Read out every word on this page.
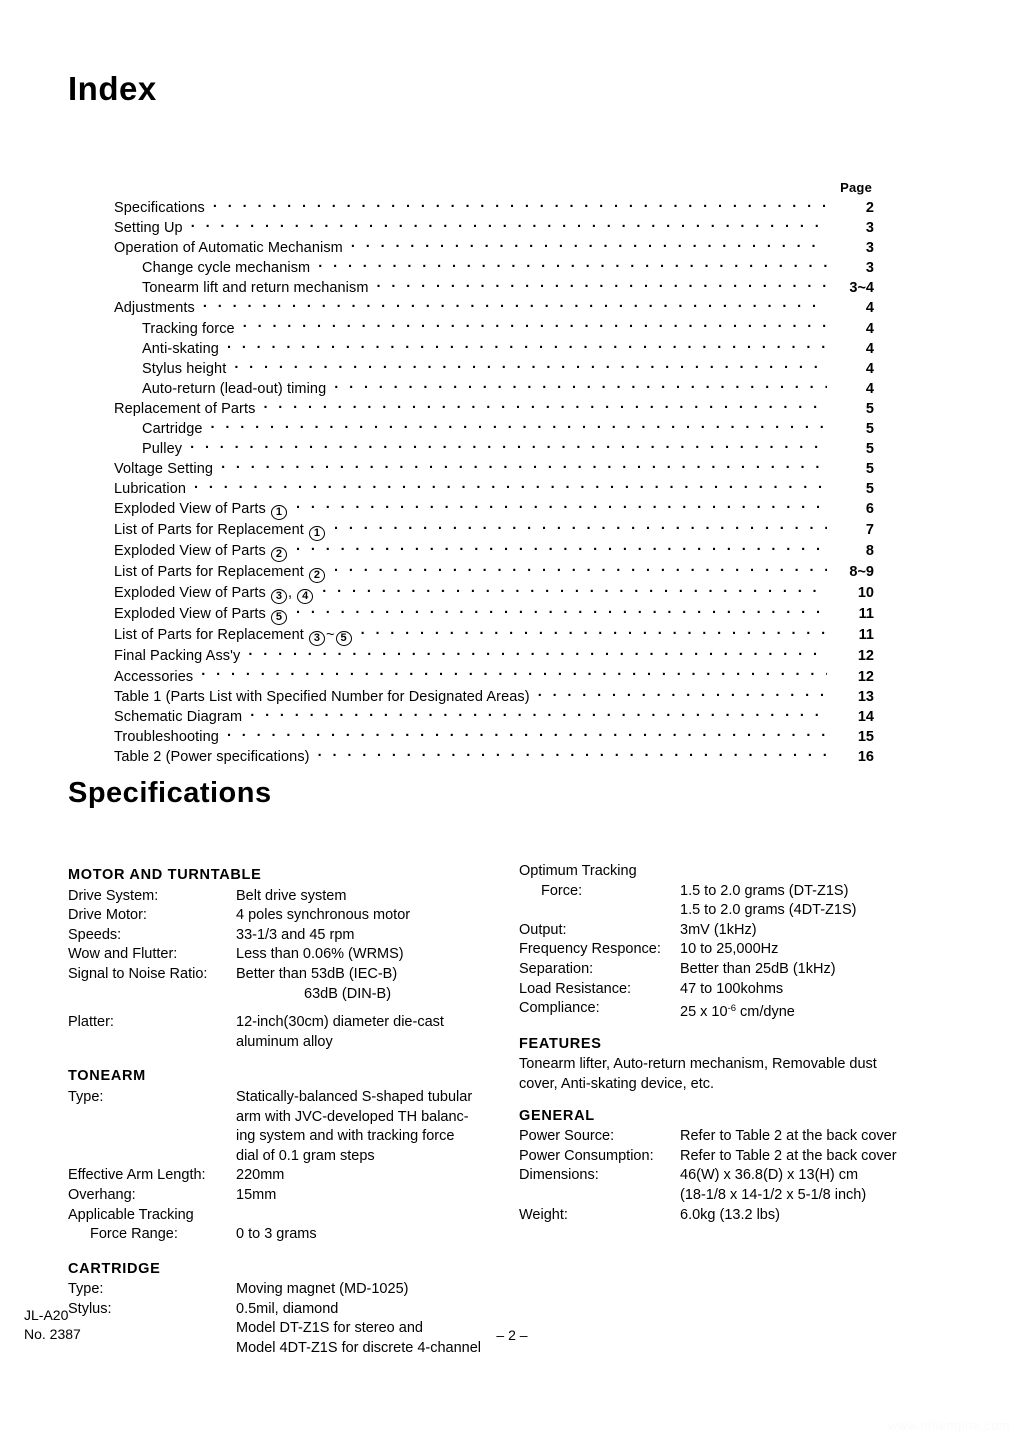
Index
Page
Specifications . . .	2
Setting Up . . .	3
Operation of Automatic Mechanism . . .	3
Change cycle mechanism . . .	3
Tonearm lift and return mechanism . . .	3~4
Adjustments . . .	4
Tracking force . . .	4
Anti-skating . . .	4
Stylus height . . .	4
Auto-return (lead-out) timing . . .	4
Replacement of Parts . . .	5
Cartridge . . .	5
Pulley . . .	5
Voltage Setting . . .	5
Lubrication . . .	5
Exploded View of Parts 1 . . .	6
List of Parts for Replacement 1 . . .	7
Exploded View of Parts 2 . . .	8
List of Parts for Replacement 2 . . .	8~9
Exploded View of Parts 3 , 4 . . .	10
Exploded View of Parts 5 . . .	11
List of Parts for Replacement 3 ~ 5 . . .	11
Final Packing Ass'y . . .	12
Accessories . . .	12
Table 1 (Parts List with Specified Number for Designated Areas) . . .	13
Schematic Diagram . . .	14
Troubleshooting . . .	15
Table 2 (Power specifications) . . .	16
Specifications
MOTOR AND TURNTABLE
Drive System:	Belt drive system
Drive Motor:	4 poles synchronous motor
Speeds:	33-1/3 and 45 rpm
Wow and Flutter:	Less than 0.06% (WRMS)
Signal to Noise Ratio:	Better than 53dB (IEC-B)
63dB (DIN-B)
Platter:	12-inch(30cm) diameter die-cast
aluminum alloy
TONEARM
Type:	Statically-balanced S-shaped tubular
arm with JVC-developed TH balanc-
ing system and with tracking force
dial of 0.1 gram steps
Effective Arm Length:	220mm
Overhang:	15mm
Applicable Tracking
Force Range:	0 to 3 grams
CARTRIDGE
Type:	Moving magnet (MD-1025)
Stylus:	0.5mil, diamond
Model DT-Z1S for stereo and
Model 4DT-Z1S for discrete 4-channel
Optimum Tracking
Force:	1.5 to 2.0 grams (DT-Z1S)
1.5 to 2.0 grams (4DT-Z1S)
Output:	3mV (1kHz)
Frequency Responce:	10 to 25,000Hz
Separation:	Better than 25dB (1kHz)
Load Resistance:	47 to 100kohms
Compliance:	25 x $10^{-6}$ cm/dyne
FEATURES
Tonearm lifter, Auto-return mechanism, Removable dust
cover, Anti-skating device, etc.
GENERAL
Power Source:	Refer to Table 2 at the back cover
Power Consumption:	Refer to Table 2 at the back cover
Dimensions:	46(W) x 36.8(D) x 13(H) cm
(18-1/8 x 14-1/2 x 5-1/8 inch)
Weight:	6.0kg (13.2 lbs)
JL-A20
No. 2387	– 2 –
www.hifiengine.com
